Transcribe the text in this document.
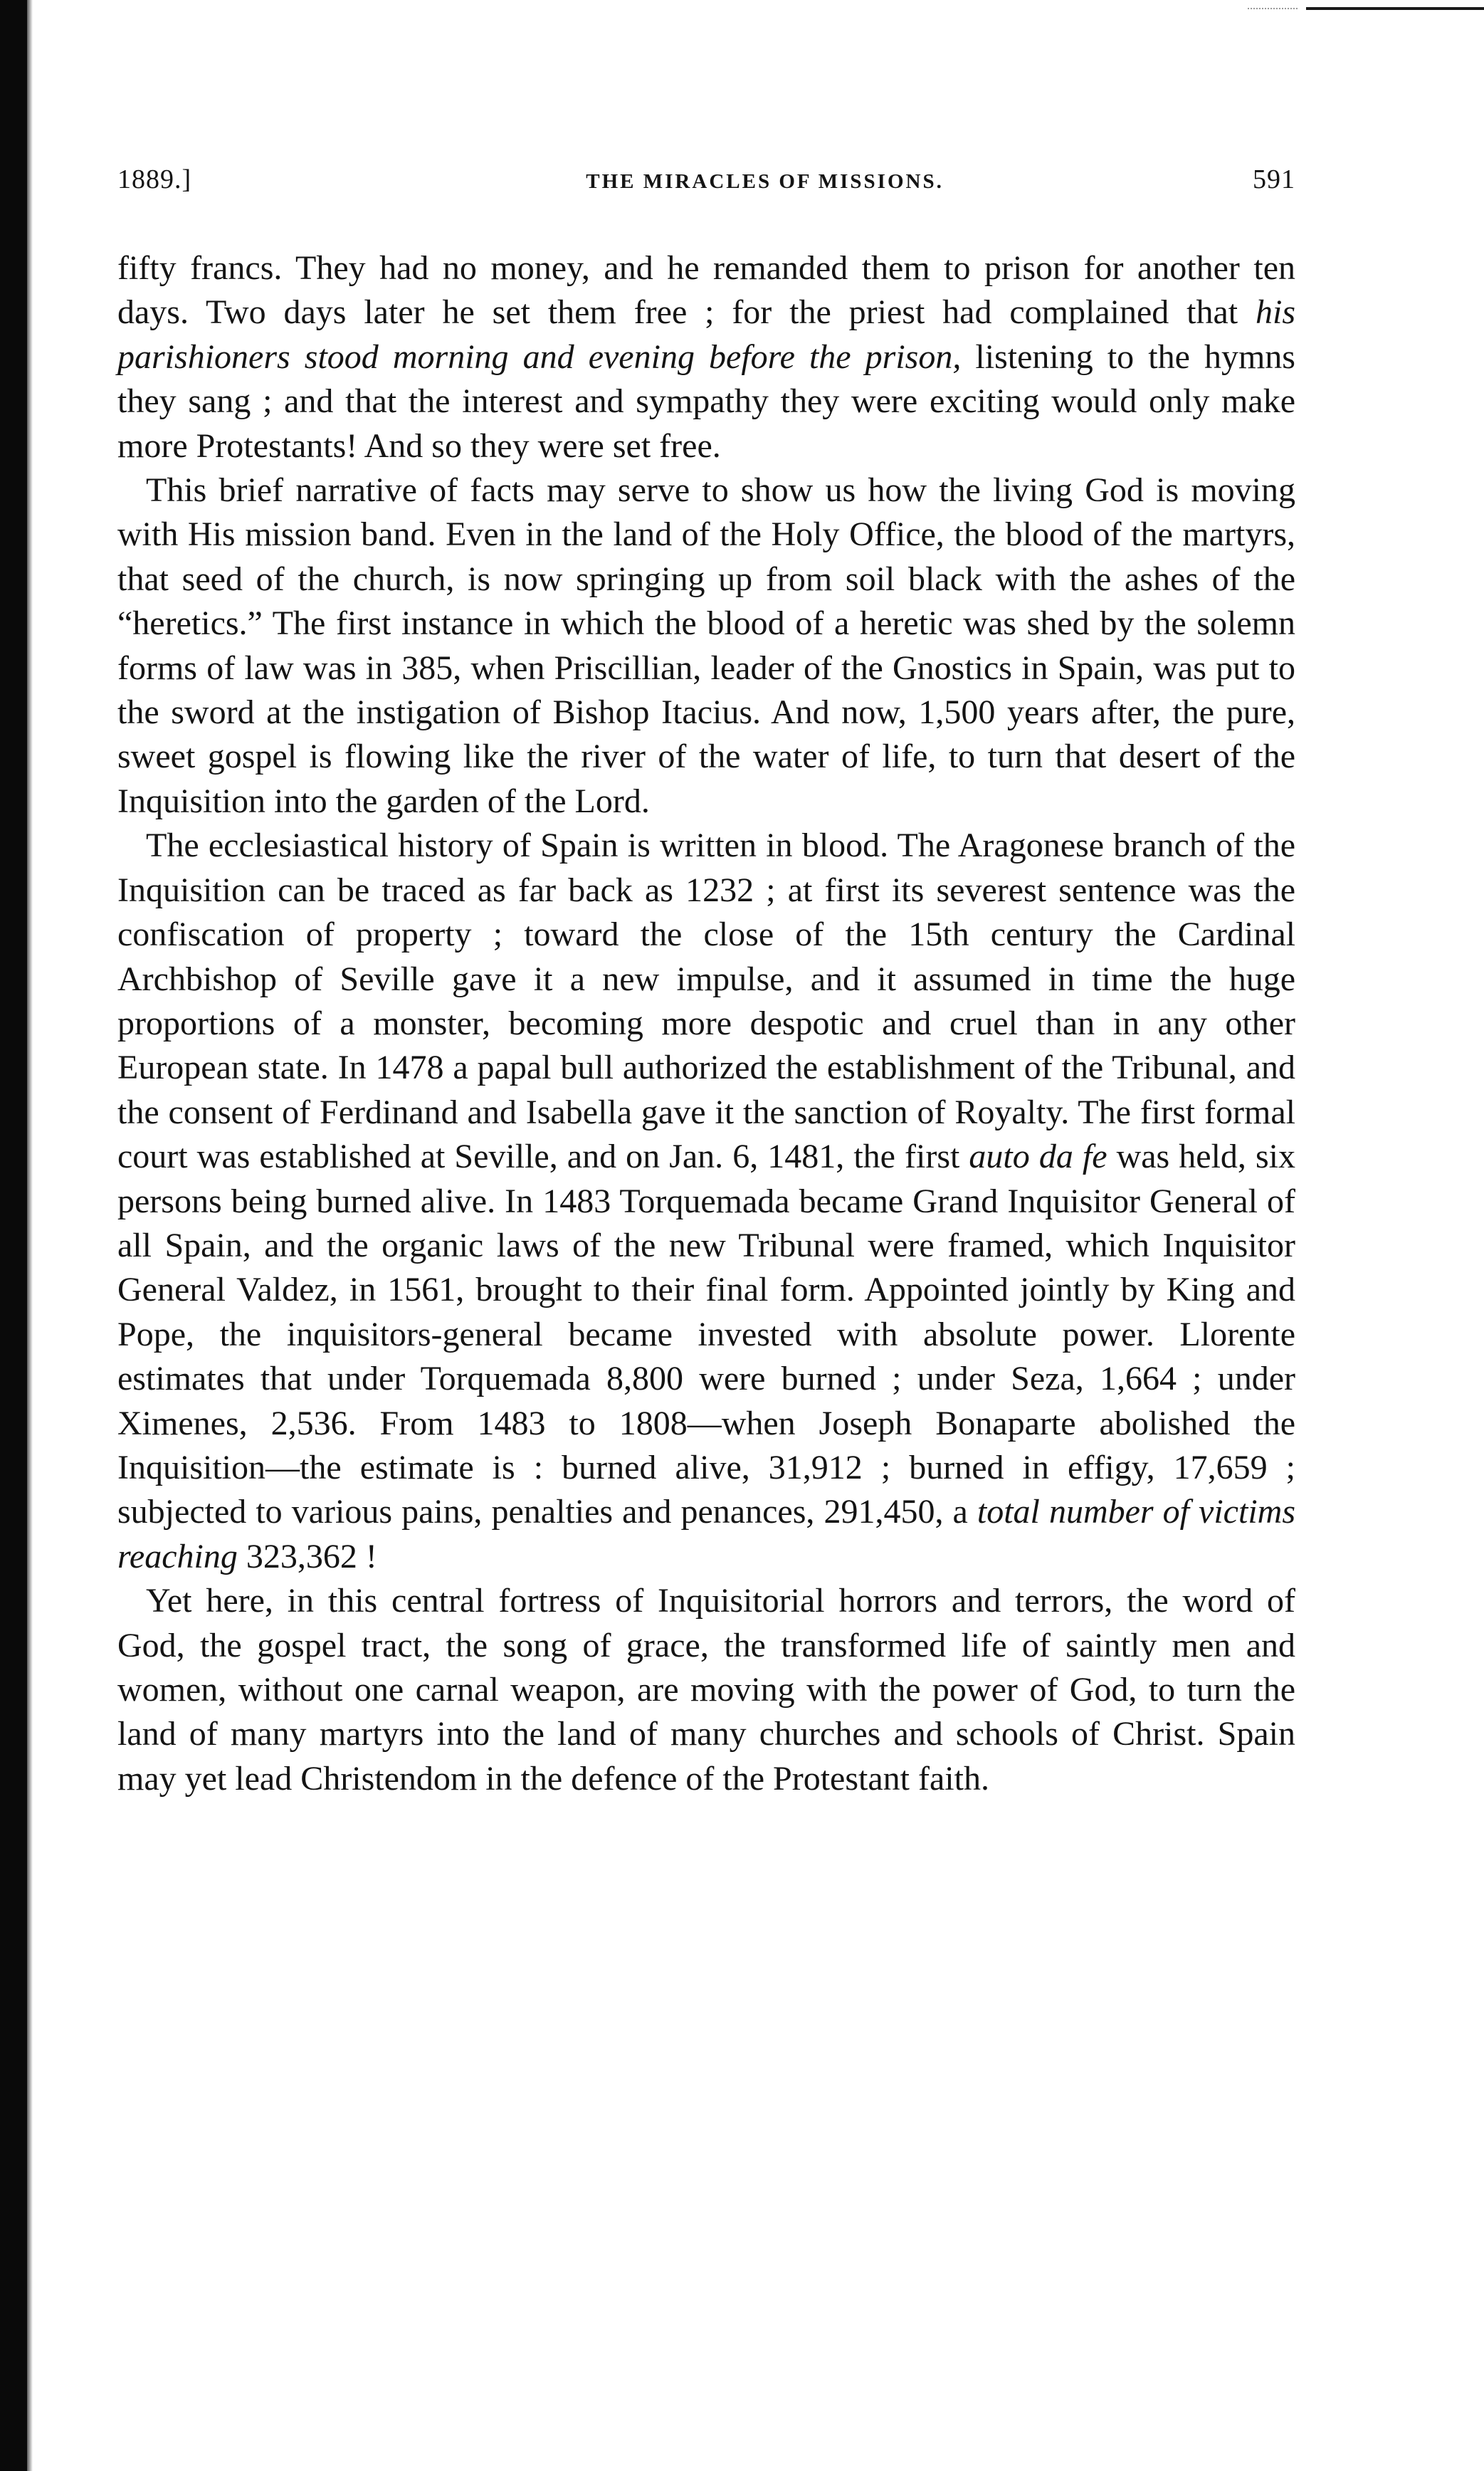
1889.]	THE MIRACLES OF MISSIONS.	591

fifty francs. They had no money, and he remanded them to prison for another ten days. Two days later he set them free ; for the priest had complained that his parishioners stood morning and evening before the prison, listening to the hymns they sang ; and that the interest and sympathy they were exciting would only make more Protestants! And so they were set free.

This brief narrative of facts may serve to show us how the living God is moving with His mission band. Even in the land of the Holy Office, the blood of the martyrs, that seed of the church, is now springing up from soil black with the ashes of the “heretics.” The first instance in which the blood of a heretic was shed by the solemn forms of law was in 385, when Priscillian, leader of the Gnostics in Spain, was put to the sword at the instigation of Bishop Itacius. And now, 1,500 years after, the pure, sweet gospel is flowing like the river of the water of life, to turn that desert of the Inquisition into the garden of the Lord.

The ecclesiastical history of Spain is written in blood. The Aragonese branch of the Inquisition can be traced as far back as 1232 ; at first its severest sentence was the confiscation of property ; toward the close of the 15th century the Cardinal Archbishop of Seville gave it a new impulse, and it assumed in time the huge proportions of a monster, becoming more despotic and cruel than in any other European state. In 1478 a papal bull authorized the establishment of the Tribunal, and the consent of Ferdinand and Isabella gave it the sanction of Royalty. The first formal court was established at Seville, and on Jan. 6, 1481, the first auto da fe was held, six persons being burned alive. In 1483 Torquemada became Grand Inquisitor General of all Spain, and the organic laws of the new Tribunal were framed, which Inquisitor General Valdez, in 1561, brought to their final form. Appointed jointly by King and Pope, the inquisitors-general became invested with absolute power. Llorente estimates that under Torquemada 8,800 were burned ; under Seza, 1,664 ; under Ximenes, 2,536. From 1483 to 1808—when Joseph Bonaparte abolished the Inquisition—the estimate is : burned alive, 31,912 ; burned in effigy, 17,659 ; subjected to various pains, penalties and penances, 291,450, a total number of victims reaching 323,362 !

Yet here, in this central fortress of Inquisitorial horrors and terrors, the word of God, the gospel tract, the song of grace, the transformed life of saintly men and women, without one carnal weapon, are moving with the power of God, to turn the land of many martyrs into the land of many churches and schools of Christ. Spain may yet lead Christendom in the defence of the Protestant faith.
